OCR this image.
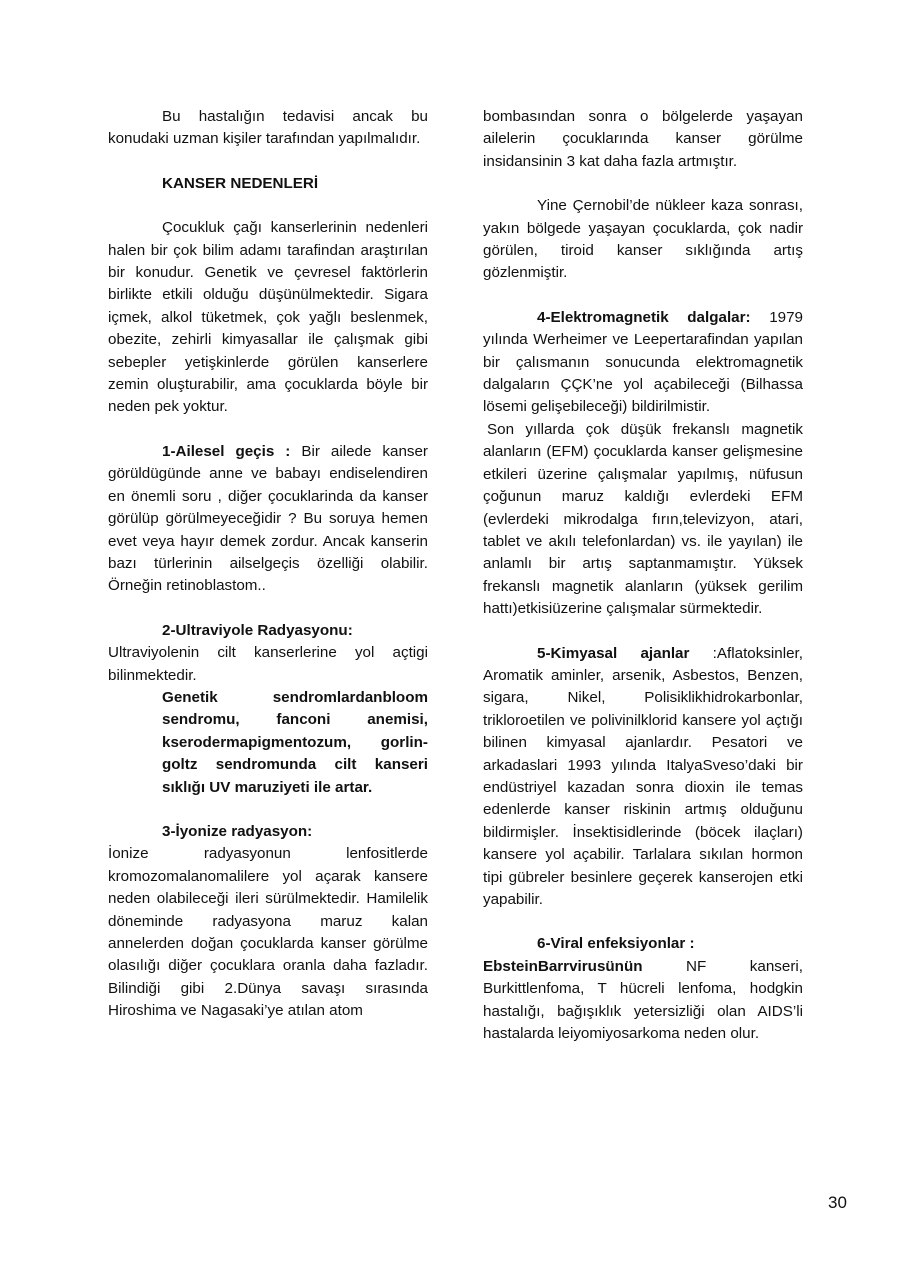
Bu hastalığın tedavisi ancak bu konudaki uzman kişiler tarafından yapılmalıdır.

KANSER NEDENLERİ

Çocukluk çağı kanserlerinin nedenleri halen bir çok bilim adamı tarafindan araştırılan bir konudur. Genetik ve çevresel faktörlerin birlikte etkili olduğu düşünülmektedir. Sigara içmek, alkol tüketmek, çok yağlı beslenmek, obezite, zehirli kimyasallar ile çalışmak gibi sebepler yetişkinlerde görülen kanserlere zemin oluşturabilir, ama çocuklarda böyle bir neden pek yoktur.

1-Ailesel geçis : Bir ailede kanser görüldügünde anne ve babayı endiselendiren en önemli soru , diğer çocuklarinda da kanser görülüp görülmeyeceğidir ? Bu soruya hemen evet veya hayır demek zordur. Ancak kanserin bazı türlerinin ailselgeçis özelliği olabilir. Örneğin retinoblastom..

2-Ultraviyole Radyasyonu:

Ultraviyolenin cilt kanserlerine yol açtigi bilinmektedir.

Genetik sendromlardanbloom sendromu, fanconi anemisi, kserodermapigmentozum, gorlin-goltz sendromunda cilt kanseri sıklığı UV maruziyeti ile artar.

3-İyonize radyasyon:

İonize radyasyonun lenfositlerde kromozomalanomalilere yol açarak kansere neden olabileceği ileri sürülmektedir. Hamilelik döneminde radyasyona maruz kalan annelerden doğan çocuklarda kanser görülme olasılığı diğer çocuklara oranla daha fazladır. Bilindiği gibi 2.Dünya savaşı sırasında Hiroshima ve Nagasaki’ye atılan atom

bombasından sonra o bölgelerde yaşayan ailelerin çocuklarında kanser görülme insidansinin 3 kat daha fazla artmıştır.

Yine Çernobil’de nükleer kaza sonrası, yakın bölgede yaşayan çocuklarda, çok nadir görülen, tiroid kanser sıklığında artış gözlenmiştir.

4-Elektromagnetik dalgalar: 1979 yılında Werheimer ve Leepertarafindan yapılan bir çalısmanın sonucunda elektromagnetik dalgaların ÇÇK’ne yol açabileceği (Bilhassa lösemi gelişebileceği) bildirilmistir.

Son yıllarda çok düşük frekanslı magnetik alanların (EFM) çocuklarda kanser gelişmesine etkileri üzerine çalışmalar yapılmış, nüfusun çoğunun maruz kaldığı evlerdeki EFM (evlerdeki mikrodalga fırın,televizyon, atari, tablet ve akılı telefonlardan) vs. ile yayılan) ile anlamlı bir artış saptanmamıştır. Yüksek frekanslı magnetik alanların (yüksek gerilim hattı)etkisiüzerine çalışmalar sürmektedir.

5-Kimyasal ajanlar :Aflatoksinler, Aromatik aminler, arsenik, Asbestos, Benzen, sigara, Nikel, Polisiklikhidrokarbonlar, trikloroetilen ve polivinilklorid kansere yol açtığı bilinen kimyasal ajanlardır. Pesatori ve arkadaslari 1993 yılında ItalyaSveso’daki bir endüstriyel kazadan sonra dioxin ile temas edenlerde kanser riskinin artmış olduğunu bildirmişler. İnsektisidlerinde (böcek ilaçları) kansere yol açabilir. Tarlalara sıkılan hormon tipi gübreler besinlere geçerek kanserojen etki yapabilir.

6-Viral enfeksiyonlar :

EbsteinBarrvirusünün NF kanseri, Burkittlenfoma, T hücreli lenfoma, hodgkin hastalığı, bağışıklık yetersizliği olan AIDS’li hastalarda leiyomiyosarkoma neden olur.

30
